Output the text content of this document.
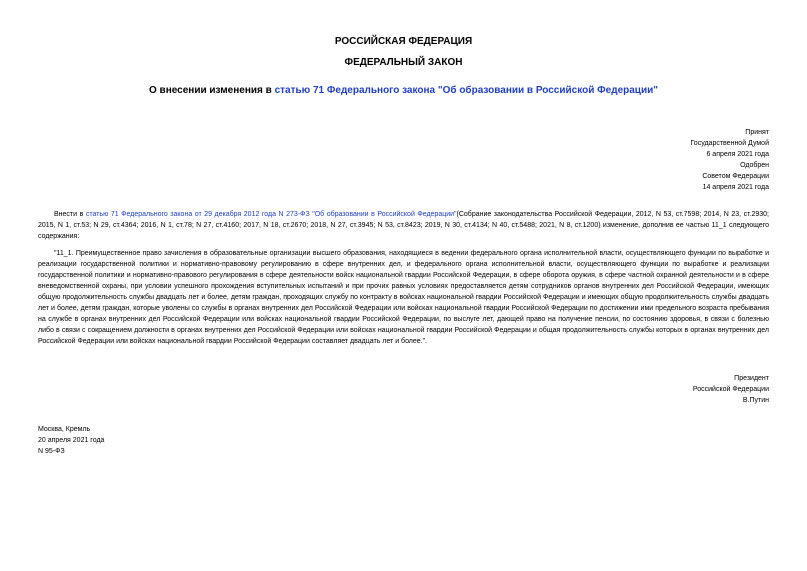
РОССИЙСКАЯ ФЕДЕРАЦИЯ
ФЕДЕРАЛЬНЫЙ ЗАКОН
О внесении изменения в статью 71 Федерального закона "Об образовании в Российской Федерации"
Принят
Государственной Думой
6 апреля 2021 года
Одобрен
Советом Федерации
14 апреля 2021 года
Внести в статью 71 Федерального закона от 29 декабря 2012 года N 273-ФЗ "Об образовании в Российской Федерации"(Собрание законодательства Российской Федерации, 2012, N 53, ст.7598; 2014, N 23, ст.2930; 2015, N 1, ст.53; N 29, ст.4364; 2016, N 1, ст.78; N 27, ст.4160; 2017, N 18, ст.2670; 2018, N 27, ст.3945; N 53, ст.8423; 2019, N 30, ст.4134; N 40, ст.5488; 2021, N 8, ст.1200) изменение, дополнив ее частью 11_1 следующего содержания:
"11_1. Преимущественное право зачисления в образовательные организации высшего образования, находящиеся в ведении федерального органа исполнительной власти, осуществляющего функции по выработке и реализации государственной политики и нормативно-правовому регулированию в сфере внутренних дел, и федерального органа исполнительной власти, осуществляющего функции по выработке и реализации государственной политики и нормативно-правового регулирования в сфере деятельности войск национальной гвардии Российской Федерации, в сфере оборота оружия, в сфере частной охранной деятельности и в сфере вневедомственной охраны, при условии успешного прохождения вступительных испытаний и при прочих равных условиях предоставляется детям сотрудников органов внутренних дел Российской Федерации, имеющих общую продолжительность службы двадцать лет и более, детям граждан, проходящих службу по контракту в войсках национальной гвардии Российской Федерации и имеющих общую продолжительность службы двадцать лет и более, детям граждан, которые уволены со службы в органах внутренних дел Российской Федерации или войсках национальной гвардии Российской Федерации по достижении ими предельного возраста пребывания на службе в органах внутренних дел Российской Федерации или войсках национальной гвардии Российской Федерации, по выслуге лет, дающей право на получение пенсии, по состоянию здоровья, в связи с болезнью либо в связи с сокращением должности в органах внутренних дел Российской Федерации или войсках национальной гвардии Российской Федерации и общая продолжительность службы которых в органах внутренних дел Российской Федерации или войсках национальной гвардии Российской Федерации составляет двадцать лет и более.".
Президент
Российской Федерации
В.Путин
Москва, Кремль
20 апреля 2021 года
N 95-ФЗ
